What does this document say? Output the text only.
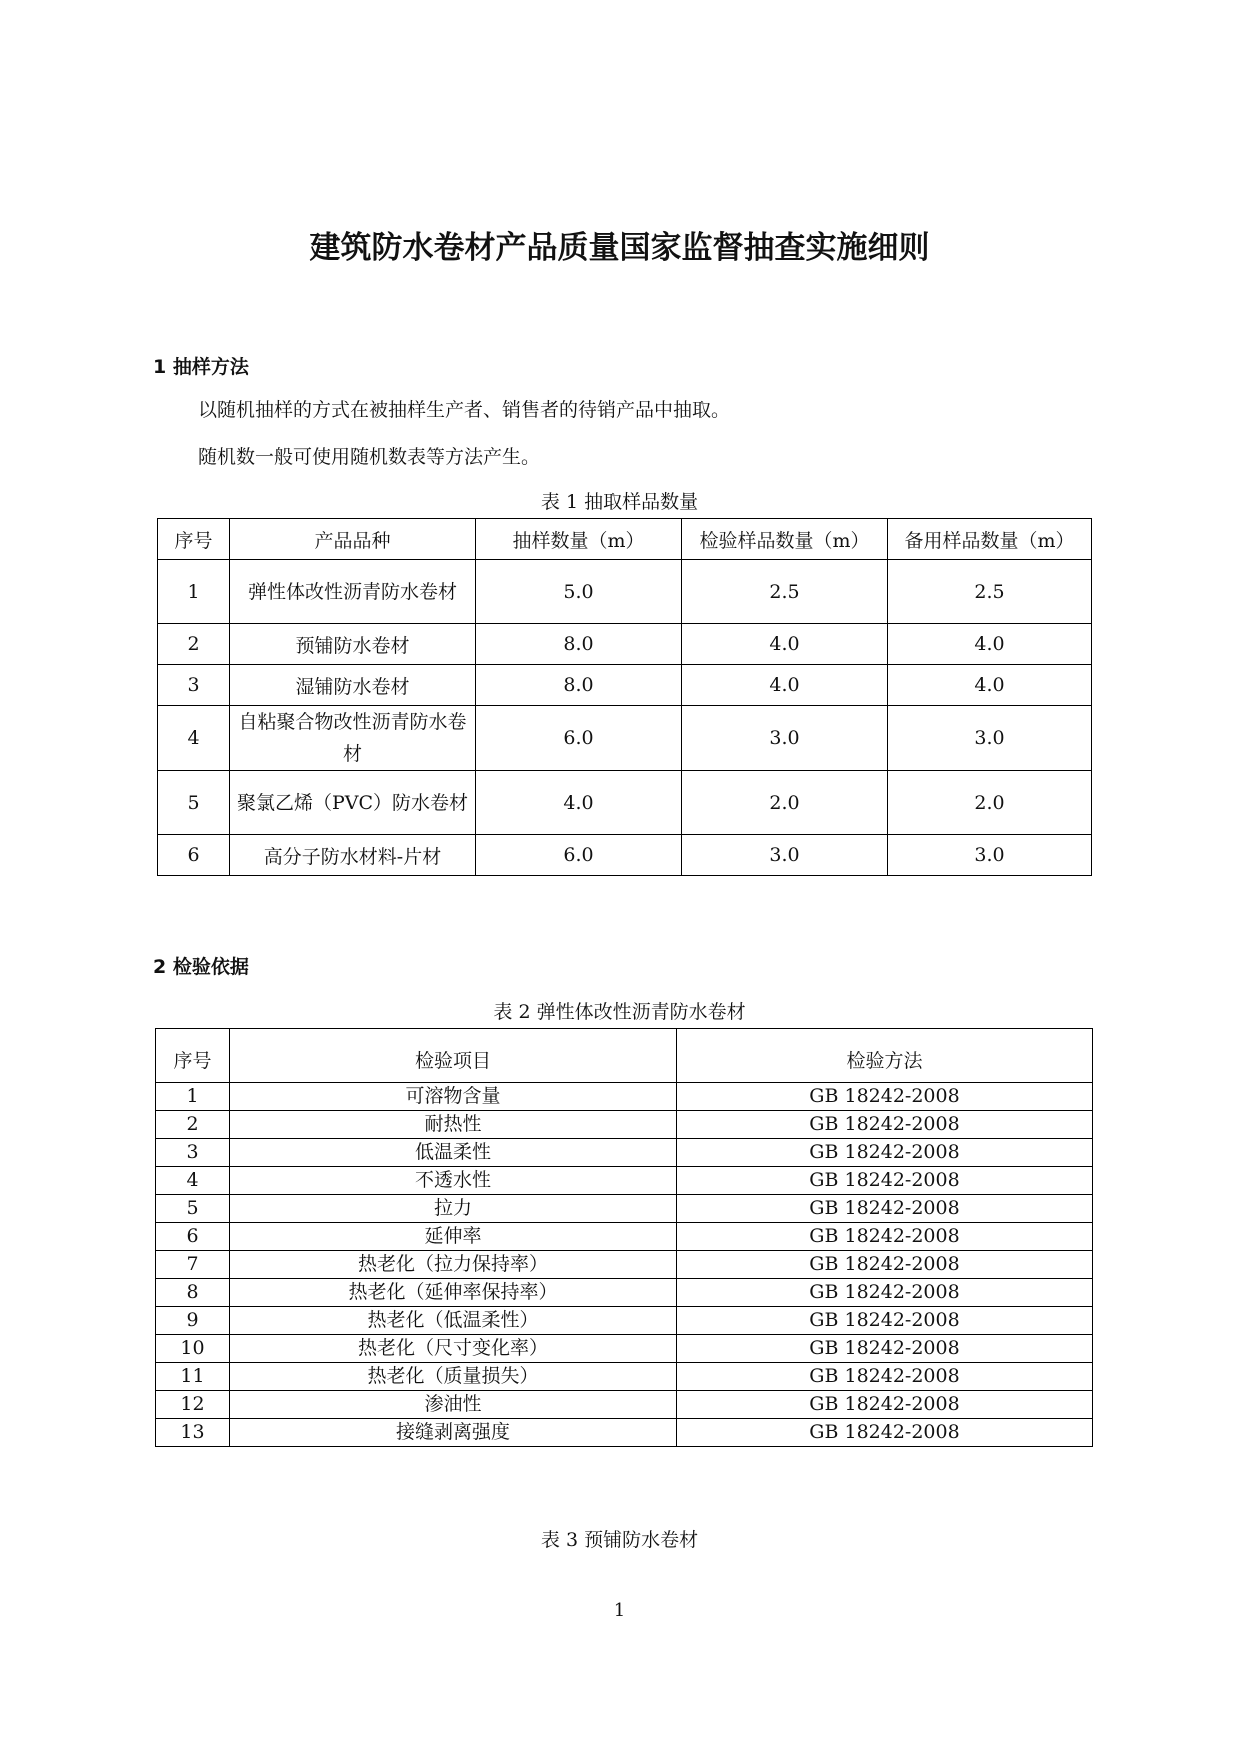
建筑防水卷材产品质量国家监督抽查实施细则
1 抽样方法
以随机抽样的方式在被抽样生产者、销售者的待销产品中抽取。
随机数一般可使用随机数表等方法产生。
表 1 抽取样品数量
序号	产品品种	抽样数量（m）	检验样品数量（m）	备用样品数量（m）
1	弹性体改性沥青防水卷材	5.0	2.5	2.5
2	预铺防水卷材	8.0	4.0	4.0
3	湿铺防水卷材	8.0	4.0	4.0
4	自粘聚合物改性沥青防水卷材	6.0	3.0	3.0
5	聚氯乙烯（PVC）防水卷材	4.0	2.0	2.0
6	高分子防水材料-片材	6.0	3.0	3.0
2 检验依据
表 2 弹性体改性沥青防水卷材
序号	检验项目	检验方法
1	可溶物含量	GB 18242-2008
2	耐热性	GB 18242-2008
3	低温柔性	GB 18242-2008
4	不透水性	GB 18242-2008
5	拉力	GB 18242-2008
6	延伸率	GB 18242-2008
7	热老化（拉力保持率）	GB 18242-2008
8	热老化（延伸率保持率）	GB 18242-2008
9	热老化（低温柔性）	GB 18242-2008
10	热老化（尺寸变化率）	GB 18242-2008
11	热老化（质量损失）	GB 18242-2008
12	渗油性	GB 18242-2008
13	接缝剥离强度	GB 18242-2008
表 3 预铺防水卷材
1
